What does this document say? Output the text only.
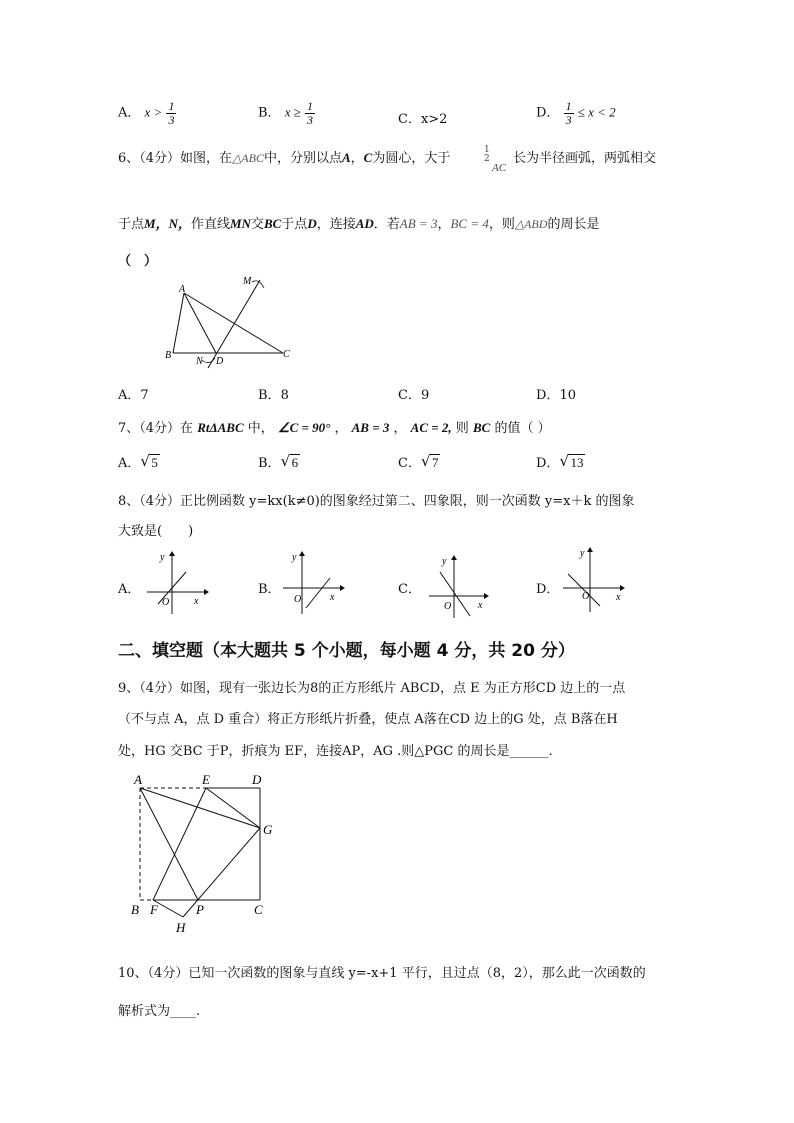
A． $x > \frac{1}{3}$	B． $x \ge \frac{1}{3}$	C．x>2	D． $\frac{1}{3} \le x < 2$
6、（4分）如图，在△ABC中，分别以点A，C为圆心，大于
1
2
AC
长为半径画弧，两弧相交
于点M，N，作直线MN交BC于点D，连接AD．若AB = 3，BC = 4，则△ABD的周长是
（　）
A
B	C
D
N
M
A．7	B．8	C．9	D．10
7、（4分）在 RtΔABC 中， ∠C = 90° ， AB = 3 ， AC = 2, 则 BC 的值（ ）
A． √ 5	B． √ 6	C． √ 7	D． √ 13
8、（4分）正比例函数 y=kx(k≠0)的图象经过第二、四象限，则一次函数 y=x＋k 的图象
大致是(　　)
A．
y
x
O
B．
y
x
O
C．
y
x
O
D．
y
x
O
二、填空题（本大题共 5 个小题，每小题 4 分，共 20 分）
9、（4分）如图，现有一张边长为8的正方形纸片 ABCD，点 E 为正方形CD 边上的一点
（不与点 A，点 D 重合）将正方形纸片折叠，使点 A落在CD 边上的G 处，点 B落在H
处，HG 交BC 于P，折痕为 EF，连接AP，AG .则△PGC 的周长是______.
A	E	D
G
B F	P	C
H
10、（4分）已知一次函数的图象与直线 y=-x+1 平行，且过点（8，2），那么此一次函数的
解析式为____.
